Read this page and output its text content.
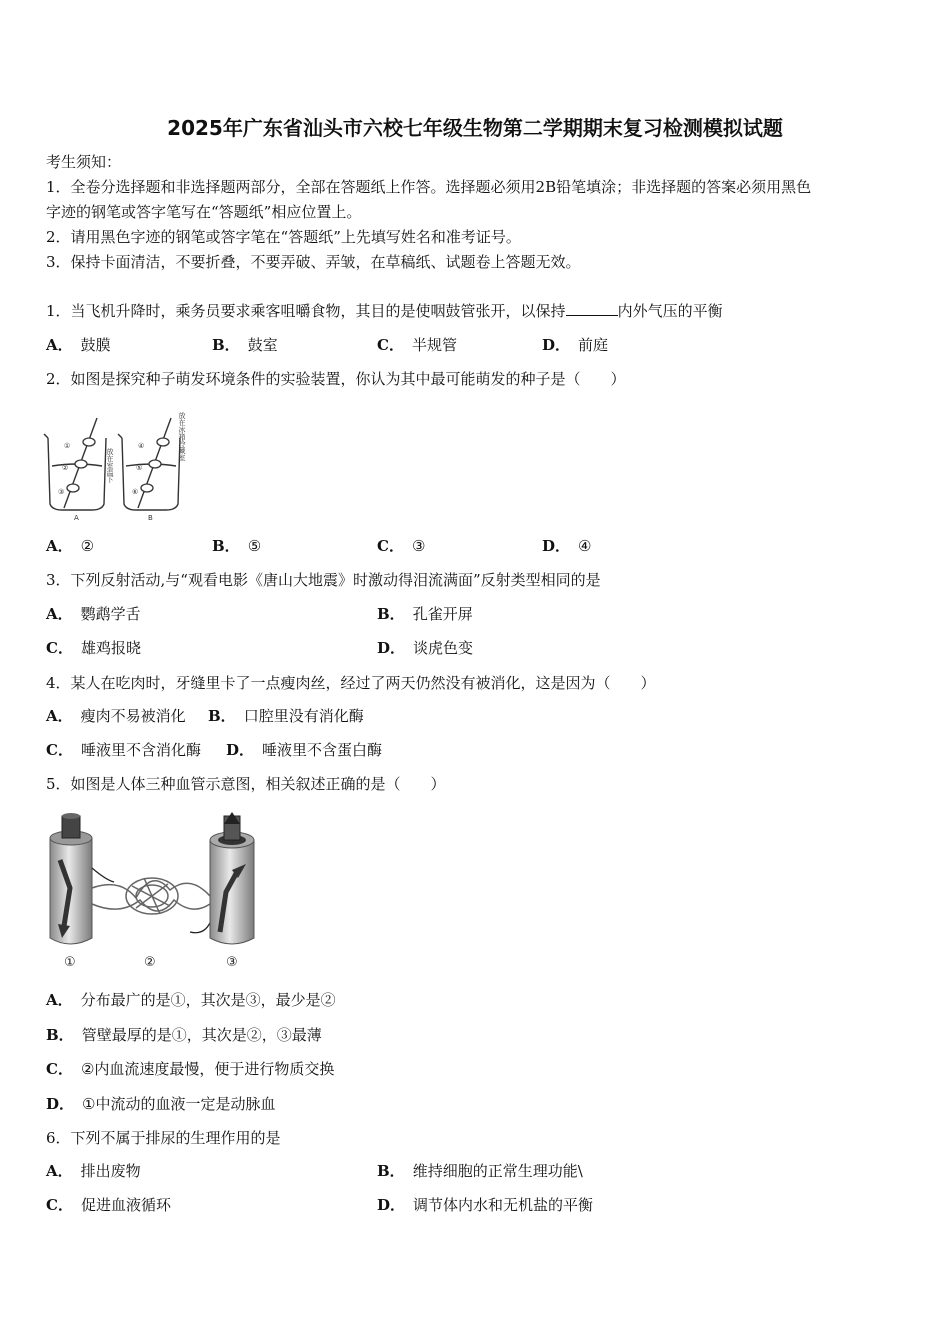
2025年广东省汕头市六校七年级生物第二学期期末复习检测模拟试题
考生须知：
1．全卷分选择题和非选择题两部分，全部在答题纸上作答。选择题必须用2B铅笔填涂；非选择题的答案必须用黑色
字迹的钢笔或答字笔写在“答题纸”相应位置上。
2．请用黑色字迹的钢笔或答字笔在“答题纸”上先填写姓名和准考证号。
3．保持卡面清洁，不要折叠，不要弄破、弄皱，在草稿纸、试题卷上答题无效。
1．当飞机升降时，乘务员要求乘客咀嚼食物，其目的是使咽鼓管张开，以保持	内外气压的平衡
A． 鼓膜	B． 鼓室	C． 半规管	D． 前庭
2．如图是探究种子萌发环境条件的实验装置，你认为其中最可能萌发的种子是（　　）
①
②
③
④
⑤
⑥
A	B
放在室温下
放在冰箱冷藏室
A． ②	B． ⑤	C． ③	D． ④
3．下列反射活动,与“观看电影《唐山大地震》时激动得泪流满面”反射类型相同的是
A． 鹦鹉学舌	B． 孔雀开屏
C． 雄鸡报晓	D． 谈虎色变
4．某人在吃肉时，牙缝里卡了一点瘦肉丝，经过了两天仍然没有被消化，这是因为（　　）
A． 瘦肉不易被消化 B． 口腔里没有消化酶
C． 唾液里不含消化酶 D． 唾液里不含蛋白酶
5．如图是人体三种血管示意图，相关叙述正确的是（　　）
①	②	③
A． 分布最广的是①，其次是③，最少是②
B． 管壁最厚的是①，其次是②，③最薄
C． ②内血流速度最慢，便于进行物质交换
D． ①中流动的血液一定是动脉血
6．下列不属于排尿的生理作用的是
A． 排出废物	B． 维持细胞的正常生理功能\
C． 促进血液循环	D． 调节体内水和无机盐的平衡
